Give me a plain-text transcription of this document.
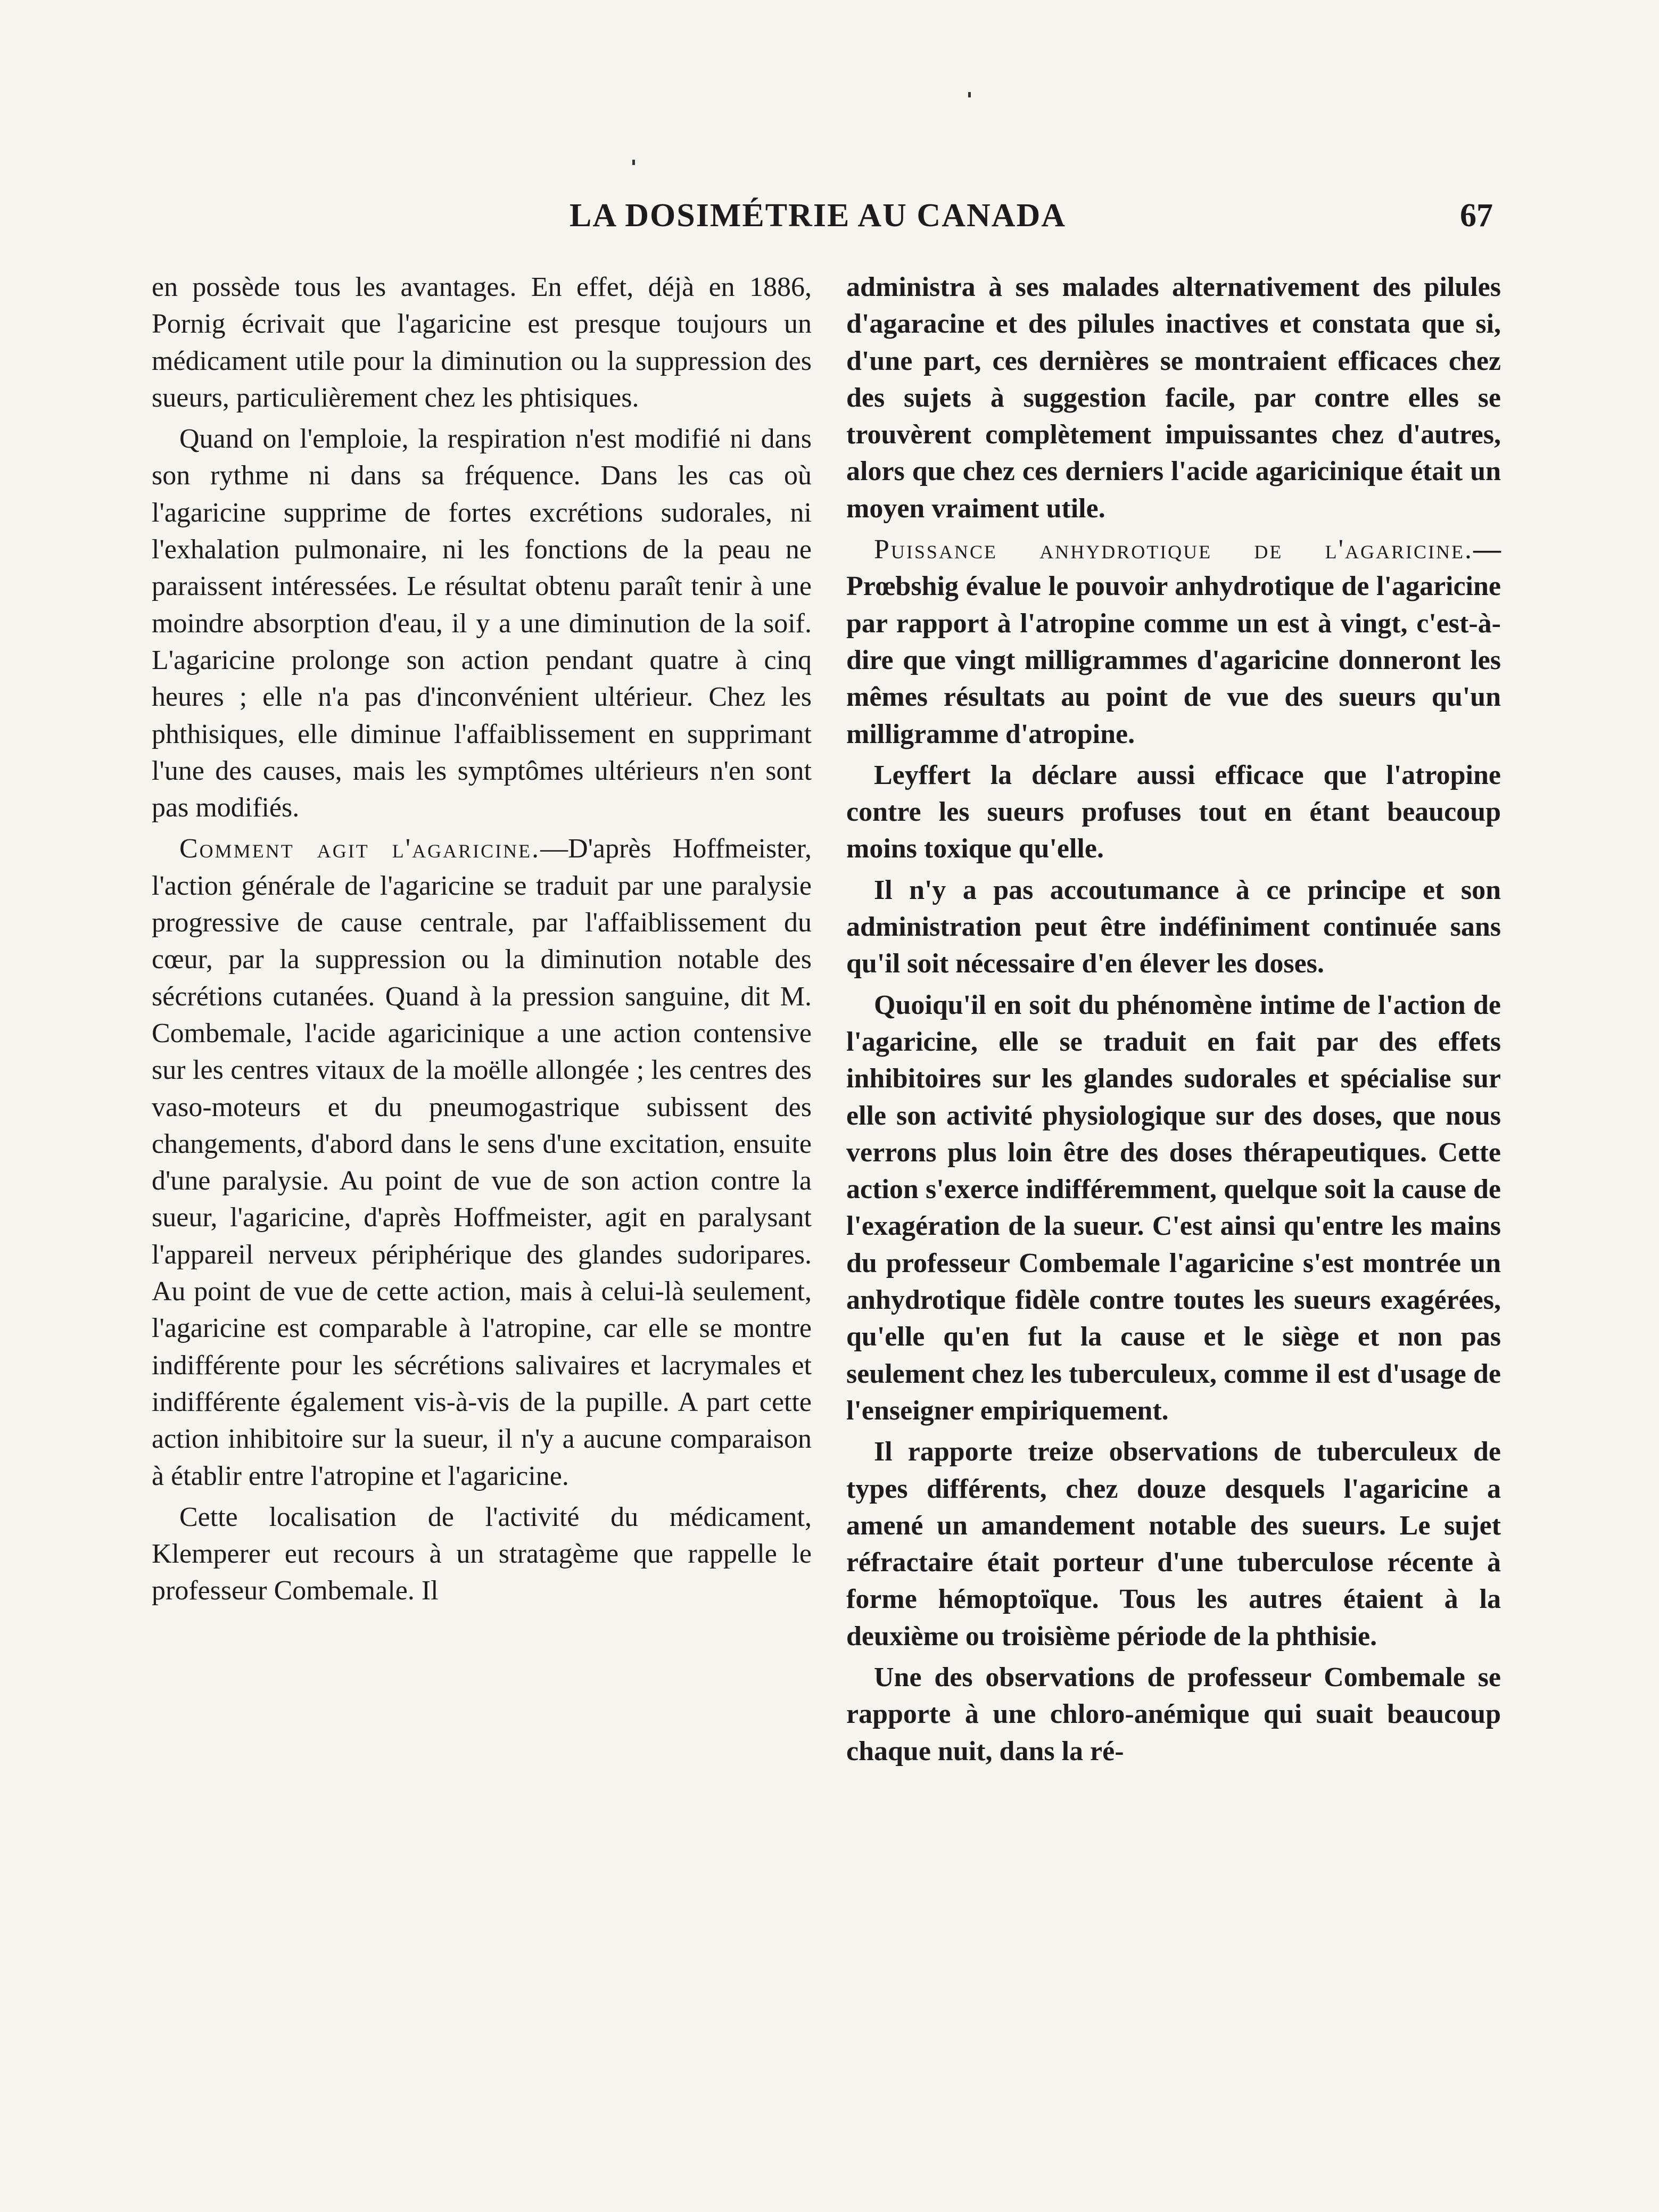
LA DOSIMÉTRIE AU CANADA	67

en possède tous les avantages. En effet, déjà en 1886, Pornig écrivait que l'agaricine est presque toujours un médicament utile pour la diminution ou la suppression des sueurs, particulièrement chez les phtisiques.

Quand on l'emploie, la respiration n'est modifié ni dans son rythme ni dans sa fréquence. Dans les cas où l'agaricine supprime de fortes excrétions sudorales, ni l'exhalation pulmonaire, ni les fonctions de la peau ne paraissent intéressées. Le résultat obtenu paraît tenir à une moindre absorption d'eau, il y a une diminution de la soif. L'agaricine prolonge son action pendant quatre à cinq heures ; elle n'a pas d'inconvénient ultérieur. Chez les phthisiques, elle diminue l'affaiblissement en supprimant l'une des causes, mais les symptômes ultérieurs n'en sont pas modifiés.

Comment agit l'agaricine.—D'après Hoffmeister, l'action générale de l'agaricine se traduit par une paralysie progressive de cause centrale, par l'affaiblissement du cœur, par la suppression ou la diminution notable des sécrétions cutanées. Quand à la pression sanguine, dit M. Combemale, l'acide agaricinique a une action contensive sur les centres vitaux de la moëlle allongée ; les centres des vaso-moteurs et du pneumogastrique subissent des changements, d'abord dans le sens d'une excitation, ensuite d'une paralysie. Au point de vue de son action contre la sueur, l'agaricine, d'après Hoffmeister, agit en paralysant l'appareil nerveux périphérique des glandes sudoripares. Au point de vue de cette action, mais à celui-là seulement, l'agaricine est comparable à l'atropine, car elle se montre indifférente pour les sécrétions salivaires et lacrymales et indifférente également vis-à-vis de la pupille. A part cette action inhibitoire sur la sueur, il n'y a aucune comparaison à établir entre l'atropine et l'agaricine.

Cette localisation de l'activité du médicament, Klemperer eut recours à un stratagème que rappelle le professeur Combemale. Il

administra à ses malades alternativement des pilules d'agaracine et des pilules inactives et constata que si, d'une part, ces dernières se montraient efficaces chez des sujets à suggestion facile, par contre elles se trouvèrent complètement impuissantes chez d'autres, alors que chez ces derniers l'acide agaricinique était un moyen vraiment utile.

Puissance anhydrotique de l'agaricine.—Prœbshig évalue le pouvoir anhydrotique de l'agaricine par rapport à l'atropine comme un est à vingt, c'est-à-dire que vingt milligrammes d'agaricine donneront les mêmes résultats au point de vue des sueurs qu'un milligramme d'atropine.

Leyffert la déclare aussi efficace que l'atropine contre les sueurs profuses tout en étant beaucoup moins toxique qu'elle.

Il n'y a pas accoutumance à ce principe et son administration peut être indéfiniment continuée sans qu'il soit nécessaire d'en élever les doses.

Quoiqu'il en soit du phénomène intime de l'action de l'agaricine, elle se traduit en fait par des effets inhibitoires sur les glandes sudorales et spécialise sur elle son activité physiologique sur des doses, que nous verrons plus loin être des doses thérapeutiques. Cette action s'exerce indifféremment, quelque soit la cause de l'exagération de la sueur. C'est ainsi qu'entre les mains du professeur Combemale l'agaricine s'est montrée un anhydrotique fidèle contre toutes les sueurs exagérées, qu'elle qu'en fut la cause et le siège et non pas seulement chez les tuberculeux, comme il est d'usage de l'enseigner empiriquement.

Il rapporte treize observations de tuberculeux de types différents, chez douze desquels l'agaricine a amené un amandement notable des sueurs. Le sujet réfractaire était porteur d'une tuberculose récente à forme hémoptoïque. Tous les autres étaient à la deuxième ou troisième période de la phthisie.

Une des observations de professeur Combemale se rapporte à une chloro-anémique qui suait beaucoup chaque nuit, dans la ré-
